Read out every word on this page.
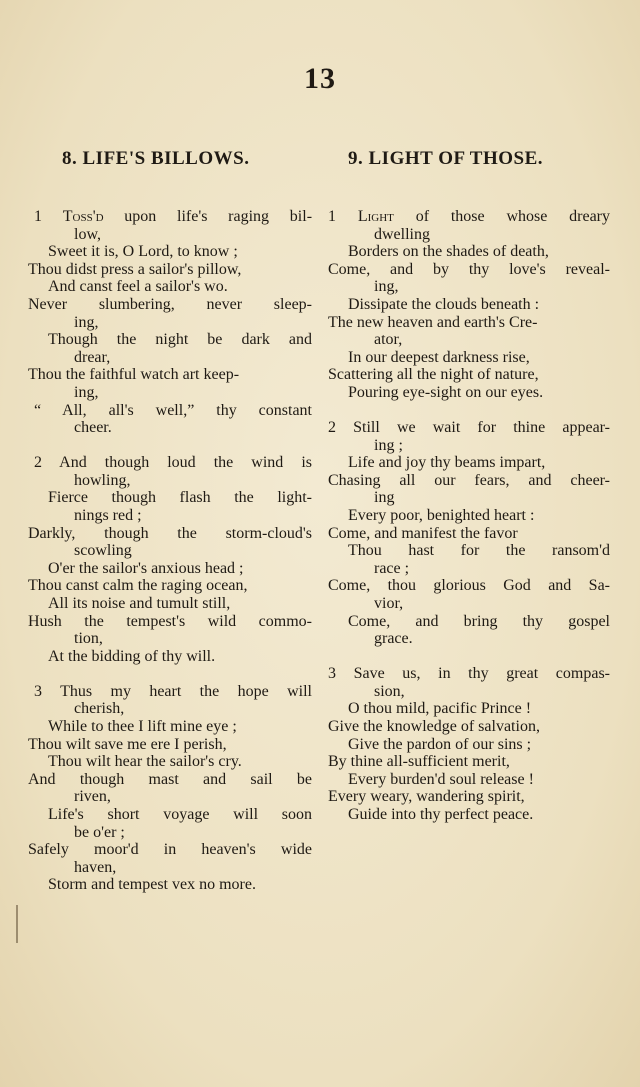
13
8. LIFE'S BILLOWS.
1 Toss'd upon life's raging bil-
low,
Sweet it is, O Lord, to know ;
Thou didst press a sailor's pillow,
And canst feel a sailor's wo.
Never slumbering, never sleep-
ing,
Though the night be dark and
drear,
Thou the faithful watch art keep-
ing,
“ All, all's well,” thy constant
cheer.
2 And though loud the wind is
howling,
Fierce though flash the light-
nings red ;
Darkly, though the storm-cloud's
scowling
O'er the sailor's anxious head ;
Thou canst calm the raging ocean,
All its noise and tumult still,
Hush the tempest's wild commo-
tion,
At the bidding of thy will.
3 Thus my heart the hope will
cherish,
While to thee I lift mine eye ;
Thou wilt save me ere I perish,
Thou wilt hear the sailor's cry.
And though mast and sail be
riven,
Life's short voyage will soon
be o'er ;
Safely moor'd in heaven's wide
haven,
Storm and tempest vex no more.
9. LIGHT OF THOSE.
1 Light of those whose dreary
dwelling
Borders on the shades of death,
Come, and by thy love's reveal-
ing,
Dissipate the clouds beneath :
The new heaven and earth's Cre-
ator,
In our deepest darkness rise,
Scattering all the night of nature,
Pouring eye-sight on our eyes.
2 Still we wait for thine appear-
ing ;
Life and joy thy beams impart,
Chasing all our fears, and cheer-
ing
Every poor, benighted heart :
Come, and manifest the favor
Thou hast for the ransom'd
race ;
Come, thou glorious God and Sa-
vior,
Come, and bring thy gospel
grace.
3 Save us, in thy great compas-
sion,
O thou mild, pacific Prince !
Give the knowledge of salvation,
Give the pardon of our sins ;
By thine all-sufficient merit,
Every burden'd soul release !
Every weary, wandering spirit,
Guide into thy perfect peace.
